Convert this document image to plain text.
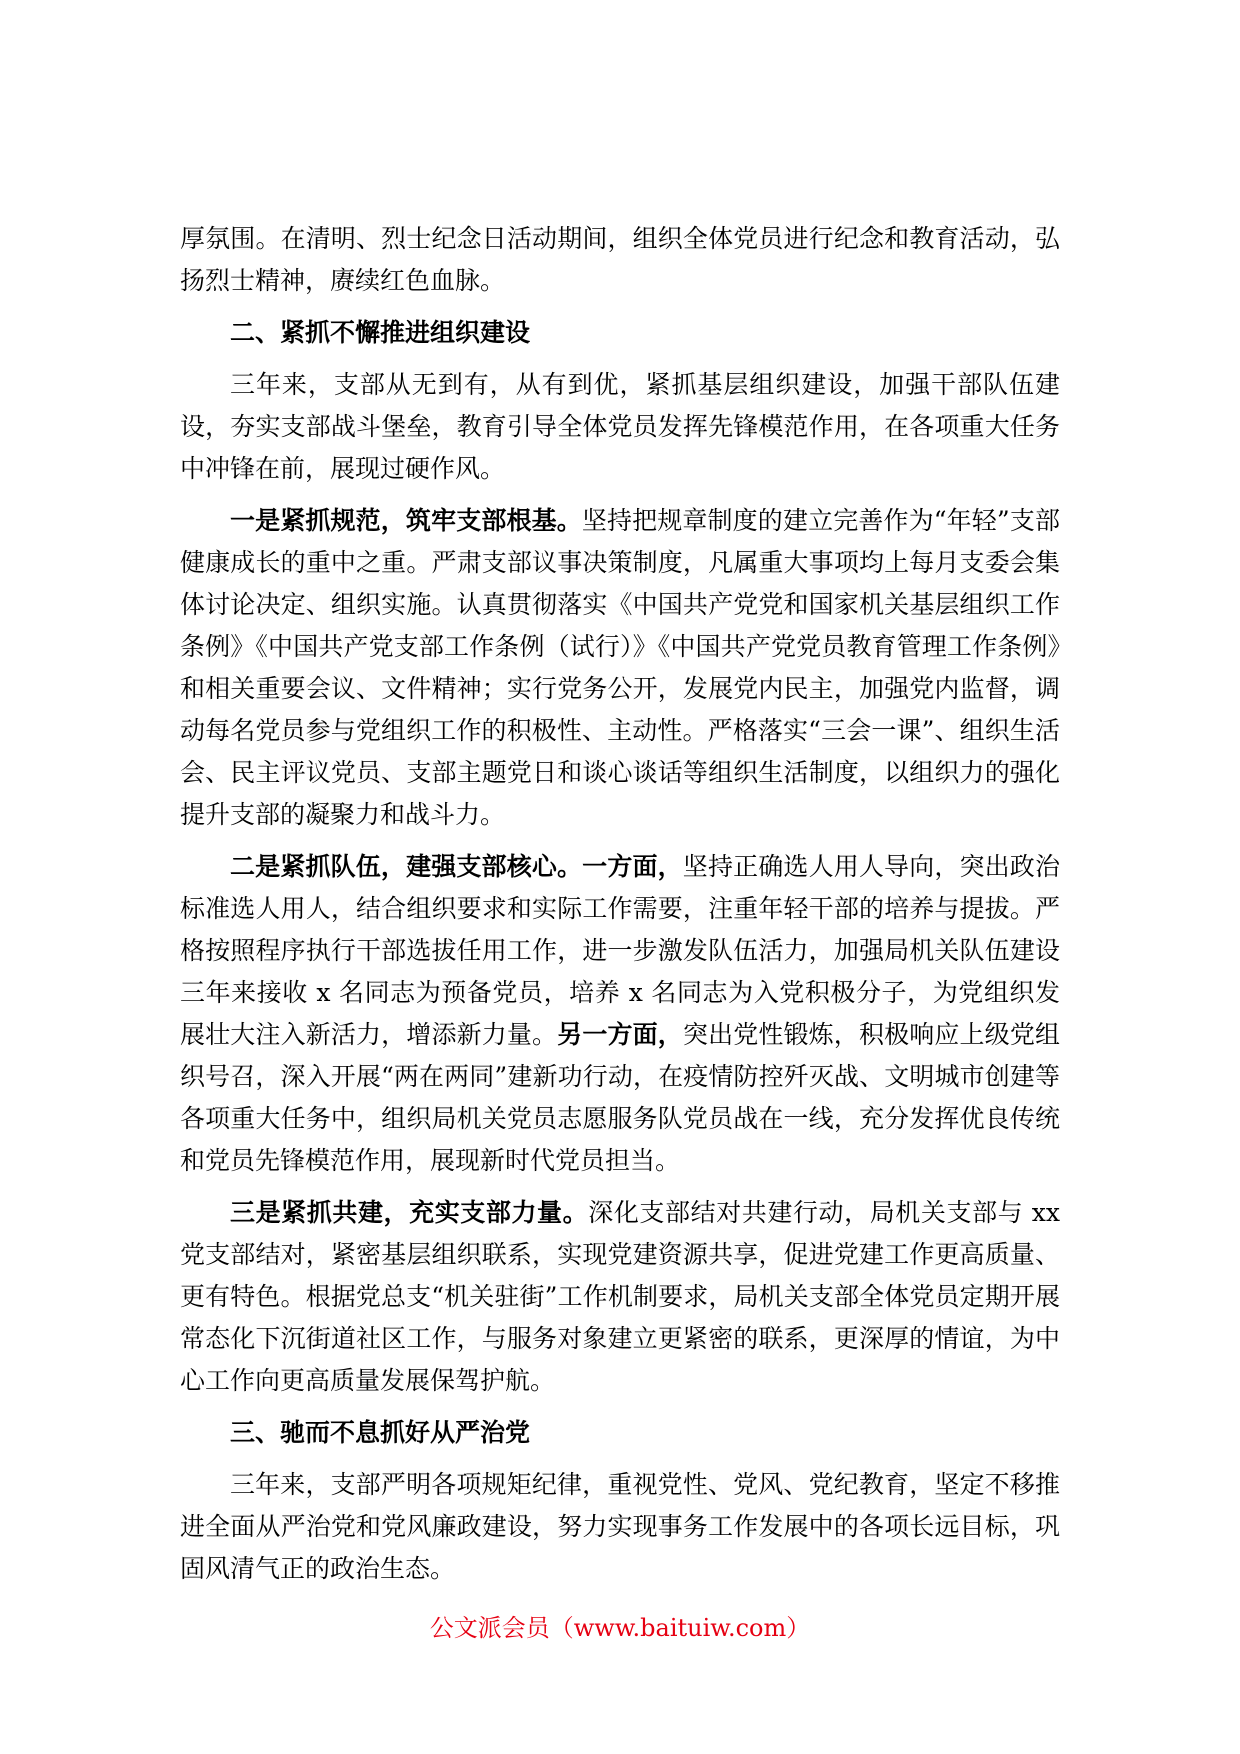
厚氛围。在清明、烈士纪念日活动期间，组织全体党员进行纪念和教育活动，弘扬烈士精神，赓续红色血脉。

二、紧抓不懈推进组织建设

三年来，支部从无到有，从有到优，紧抓基层组织建设，加强干部队伍建设，夯实支部战斗堡垒，教育引导全体党员发挥先锋模范作用，在各项重大任务中冲锋在前，展现过硬作风。

一是紧抓规范，筑牢支部根基。坚持把规章制度的建立完善作为“年轻”支部健康成长的重中之重。严肃支部议事决策制度，凡属重大事项均上每月支委会集体讨论决定、组织实施。认真贯彻落实《中国共产党党和国家机关基层组织工作条例》《中国共产党支部工作条例（试行）》《中国共产党党员教育管理工作条例》和相关重要会议、文件精神；实行党务公开，发展党内民主，加强党内监督，调动每名党员参与党组织工作的积极性、主动性。严格落实“三会一课”、组织生活会、民主评议党员、支部主题党日和谈心谈话等组织生活制度，以组织力的强化提升支部的凝聚力和战斗力。

二是紧抓队伍，建强支部核心。一方面，坚持正确选人用人导向，突出政治标准选人用人，结合组织要求和实际工作需要，注重年轻干部的培养与提拔。严格按照程序执行干部选拔任用工作，进一步激发队伍活力，加强局机关队伍建设三年来接收 x 名同志为预备党员，培养 x 名同志为入党积极分子，为党组织发展壮大注入新活力，增添新力量。另一方面，突出党性锻炼，积极响应上级党组织号召，深入开展“两在两同”建新功行动，在疫情防控歼灭战、文明城市创建等各项重大任务中，组织局机关党员志愿服务队党员战在一线，充分发挥优良传统和党员先锋模范作用，展现新时代党员担当。

三是紧抓共建，充实支部力量。深化支部结对共建行动，局机关支部与 xx 党支部结对，紧密基层组织联系，实现党建资源共享，促进党建工作更高质量、更有特色。根据党总支“机关驻街”工作机制要求，局机关支部全体党员定期开展常态化下沉街道社区工作，与服务对象建立更紧密的联系，更深厚的情谊，为中心工作向更高质量发展保驾护航。

三、驰而不息抓好从严治党

三年来，支部严明各项规矩纪律，重视党性、党风、党纪教育，坚定不移推进全面从严治党和党风廉政建设，努力实现事务工作发展中的各项长远目标，巩固风清气正的政治生态。

公文派会员（www.baituiw.com）
